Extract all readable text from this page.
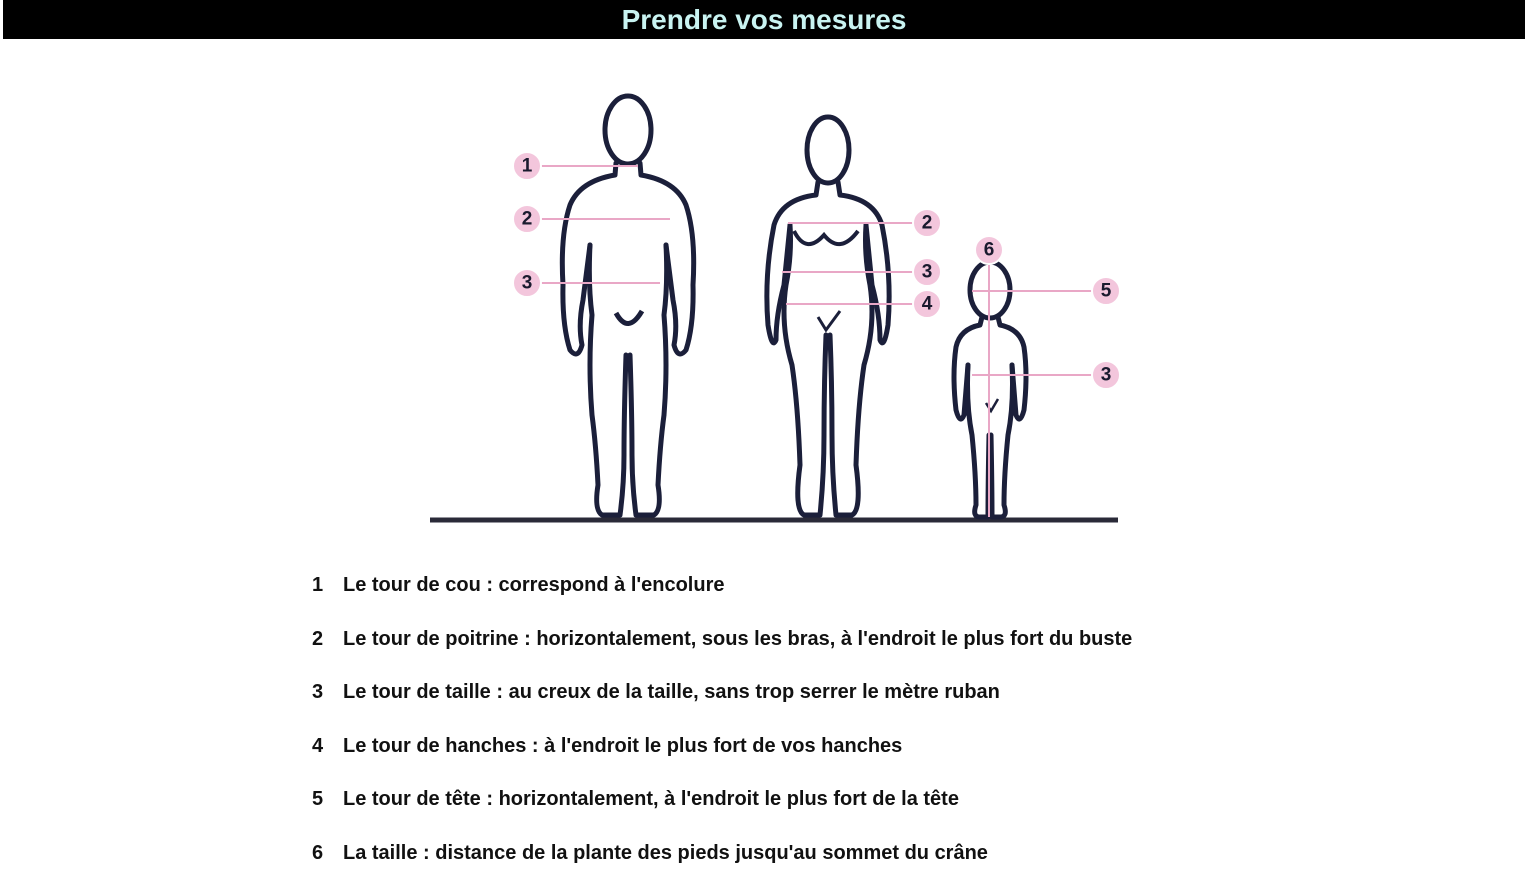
Prendre vos mesures
1
2
3
2
3
4
6
5
3
1 Le tour de cou : correspond à l'encolure
2 Le tour de poitrine : horizontalement, sous les bras, à l'endroit le plus fort du buste
3 Le tour de taille : au creux de la taille, sans trop serrer le mètre ruban
4 Le tour de hanches : à l'endroit le plus fort de vos hanches
5 Le tour de tête : horizontalement, à l'endroit le plus fort de la tête
6 La taille : distance de la plante des pieds jusqu'au sommet du crâne
